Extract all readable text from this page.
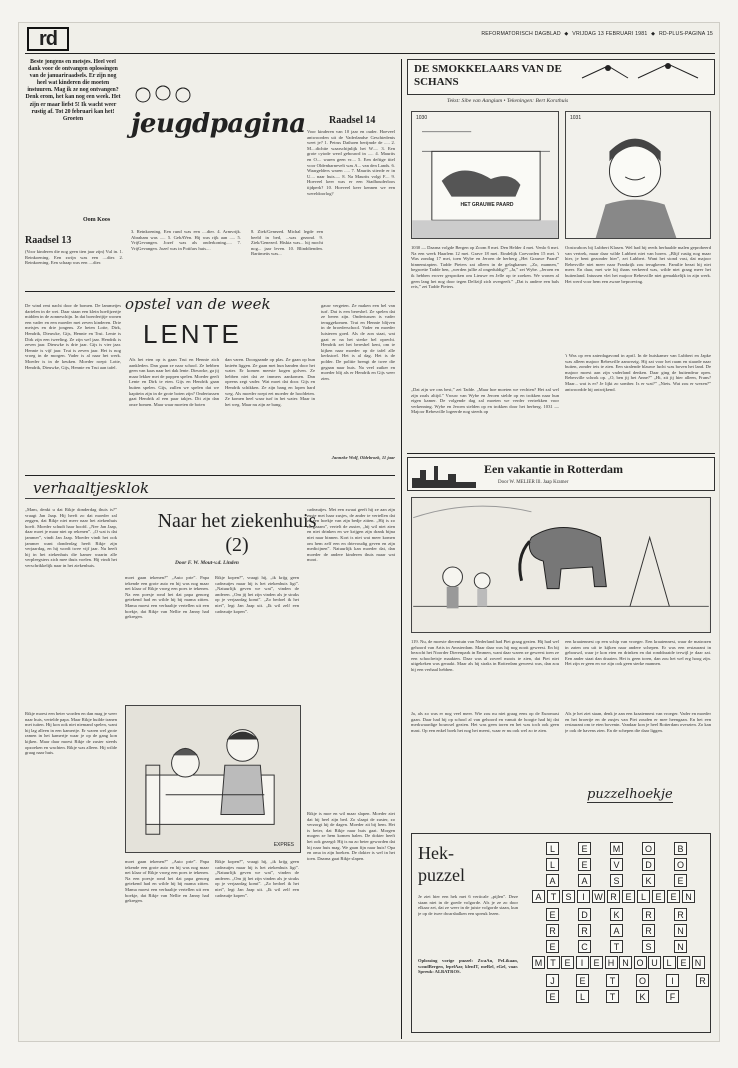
rd	REFORMATORISCH DAGBLAD ◆ VRIJDAG 13 FEBRUARI 1981 ◆ RD-PLUS-PAGINA 15
Beste jongens en meisjes. Heel veel dank voor de ontvangen oplossingen van de januariraadsels. Er zijn nog heel wat kinderen die moeten instuuren. Mag ik ze nog ontvangen? Denk erom, het kan nog een week. Het zijn er maar liefst 5! Ik wacht weer rustig af. Tot 20 februari kan het! Groeten
Oom Koos
jeugdpagina
Raadsel 13
(Voor kinderen die nog geen tien jaar zijn) Vul in. 1. Reinkoening. Een zwijn was een ....dier. 2. Reinkoening. Een schaap was een ....dier.
3. Reinkoening. Een rund was een ....dier. 4. Armvrijk. Abraham was ..... 5. GebAVen. Hij was rijk aan ..... 5. VrijGevangen. Jozef was als onderkoning..... 7. VrijGevangen. Jozef was in Potifars huis....
8. Ziek/Genezed. Michal legde een beeld in bed, ...was gezond. 9. Ziek/Genezed. Hiskia was... hij mocht nog... jaar leven. 10. Blinddienden. Bartimeüs was...
Raadsel 14
Voor kinderen van 10 jaar en ouder. Hoeveel antwoorden uit de Vaderlandse Geschiedenis weet je? 1. Petrus Dathoen berijmde de ..... 2. M....dichtte waarschijnlijk het W..... 3. Een grote cytode werd gebouwd in ..... 4. Maurits en O.... waren geen vr.... 5. Een deftige titel voor Oldenbarnevelt was A... van den Lands. 6. Waargelders waren ..... 7. Maurits stierde er in U.... naar huis..... 8. Na Maurits volgt F.... 9. Hoeveel keer was er een Stadhouderloos tijdperk? 10. Hoeveel keer kennen we een wereldoorlog?
opstel van de week
LENTE
De wind rent nacht door de bomen. De lammetjes dartelen in de wei. Daar staan een klein hoefijzertje midden in de zonneschijn. In dat boerderijtje wonen een vader en een moeder met zeven kinderen. Drie meisjes en drie jongens. Ze heten Lotte, Dirk, Hendrik, Dieuwke, Gijs, Hennie en Trui. Lente is Dirk zijn een tweeling. Ze zijn wel jaar. Hendrik is zeven jaar. Dieuwke is drie jaar. Gijs is vier jaar. Hennie is vijf jaar. Trui is zeven jaar. Het is nog vroeg in de morgen. Vader is al naar het werk. Moeder is in de keuken. Moeder roept: Lotte, Hendrik, Dieuwke, Gijs, Hennie en Trui aan tafel.
Als het eten op is gaan Trui en Hennie zich aankleden. Dan gaan ze naar school. Ze hebben geen van kaas naar het dak lente. Dieuwke, ga jij maar lekker met de poppen spelen. Moeder geeft Lente en Dirk te eten. Gijs en Hendrik gaan buiten spelen. Gijs, zullen we spelen dat we kapitein zijn in de grote boten zijn? Ondertussen gaat Hendrik al een paar takjes. Dit zijn dan onze bomen. Maar waar moeten de boten
dan varen. Doorgaande op plas. Ze gaan op hun knieën liggen. Ze gaan met hun handen door het water. Er komen meeste kogen golven. Ze hebben niet dat ze immers aankomen. Dan opeens zegt vader. Wat moet dat door. Gijs en Hendrik schikken. Ze zijn bang en lopen hard weg. Als moeder roept eet moeder de hoofdeten. Ze komen heel waar turf in het water. Maar in het weg. Maar nu zijn ze bang.
gauw vergeten. Ze maken een bel van turf. Dat is een beresbel. Ze spelen dat ze beren zijn. Ondertussen is vader teruggekomen. Trui en Hennie blijven in de broederschool. Vader en moeder luisteren goed. Als de zon staat, wat gaat er na het sterke bel oprecht. Hendrik zet het beresbel kent, om te kijken naar moeder op de tafel alle kerkstoel. Het is al dag. Het is de polder. De politie brengt de twee die gegaan naar huis. Na veel zuiker en moeder blij als er Hendrik en Gijs weer zien.
Janneke Wolf, Oldebroek, 11 jaar
verhaaltjesklok
Naar het ziekenhuis (2)
Door F. W. Mout-v.d. Linden
„Mam, denkt u dat Rikje donderdag thuis is?” vraagt Jan Jaap. Hij heeft zo dat moeder zal zeggen, dat Rikje niet meer naar het ziekenhuis hoeft. Moeder schudt haar hoofd. „Nee Jan Jaap, daar moet je maar niet op rekenen”. „O wat is dat jammer”, vindt Jan Jaap. Moeder vindt het ook jammer want donderdag heeft Rikje zijn verjaardag, en hij wordt twee vijf jaar. Nu heeft hij in het ziekenhuis die kamer waarin alle verpleegsters zich mee thuis voelen. Hij vindt het verschrikkelijk naar in het ziekenhuis.
Rikje moest een beter worden en dan mag je weer naar huis, vertelde papa. Maar Rikje huilde tranen met tuiten. Hij kon ook niet niemand spelen, want hij lag alleen in een kamertje. Er waren wel grote ramen in het kamertje waar je op de gang kon kijken. Maar daar moest Rikje de zuster steeds opzoeken en wachten. Rikje was alleen. Hij wilde graag naar huis.
moet gaan tekenen?” „Auto prie”. Papa tekende een grote auto en hij was nog maar net klaar of Rikje vroeg een poes te tekenen. Na een poesje rond het dat papa genoeg getekend had en wilde hij bij mama zitten. Mama moest een verhaaltje vertellen uit een boekje, dat Rikje van Nellie en Janny had gekregen.
Rikje kopen?”, vraagt hij, „ik krijg geen cadeautjes maar hij is het ziekenhuis ligt”. „Natuurlijk geven we wat”, vinden de anderen. „Om jij het zijn vinden als je straks op je verjaardag komt”. „Zo bedoel ik het niet”, legt Jan Jaap uit. „Ik wil zelf een cadeautje kopen”.
cadeautjes. Met een zwaai geeft hij ze aan zijn zusje met haar zusjes, de ander te vertellen dat ze een hoekje van zijn bedje zitten. „Hij is zo zorgzaam”, vertelt de zuster, „hij wil niet zien en niet drinken en we krijgen zijn drank bijna niet naar binnen. Kort is niet wat meer komen om hem zelf een en drievoudig geven en zijn medicijnen”. Natuurlijk kan moeder dat, dan moeder de andere kinderen thuis maar wat mooi.
Rikje is moe en wil maar slapen. Moeder ziet dat hij heel zijn bed. Zo slaapt de zuster, zo verzorgt hij de dagen. Moeder zit bij hem. Het is beter, dat Rikje naar huis gaat. Morgen mogen ze hem komen halen. De dokter heeft het ook gezegd: Hij is nu zo beter geworden dat hij naar huis mag. We gaan fijn naar huis! Opa en oma in zijn hoeken. De dokter is wel in het toen. Daarna gaat Rikje slapen.
EXPRES
moet gaan tekenen?” „Auto prie”. Papa tekende een grote auto en hij was nog maar net klaar of Rikje vroeg een poes te tekenen. Na een poesje rond het dat papa genoeg getekend had en wilde hij bij mama zitten. Mama moest een verhaaltje vertellen uit een boekje, dat Rikje van Nellie en Janny had gekregen.
Rikje kopen?”, vraagt hij, „ik krijg geen cadeautjes maar hij is het ziekenhuis ligt”. „Natuurlijk geven we wat”, vinden de anderen. „Om jij het zijn vinden als je straks op je verjaardag komt”. „Zo bedoel ik het niet”, legt Jan Jaap uit. „Ik wil zelf een cadeautje kopen”.
DE SMOKKELAARS VAN DE SCHANS
Tekst: Sibe van Aangium • Tekeningen: Bert Korsthuis
HET GRAUWE PAARD
1030	1031
1030 — Daarna volgde Bergen op Zoom 8 mei. Den Helder 4 mei. Venlo 6 mei. Na een week Haarlem 12 mei. Grave 18 mei. Eindelijk Coevorden 15 mei. 't Was zondag 17 mei, toen Wybe en Jeroen de herberg „Het Grauwe Paard” binnenstapten. Tadde Pieters zat alleen in de gelagkamer. „Zo, mannen,” begroette Tadde hen, „werden jullie al ongeduldig?” „Ja,” zei Wybe. „Jeroen en ik hebben erover gesproken om Lieuwe en Jelle op te zoeken. We wonen al geen lang het nog door tegen Delfzijl zich overgeeft.” „Dat is andere een bals reis,” zei Tadde Pieters.
„Dat zijn we ons best,” zei Tadde. „Maar hoe moeten we vechten? Het zal wel zijn zoals altijd.” Vrouw van Wybe en Jeroen stelde op en trokken naar hun eigen kamer. De volgende dag zal moeten we verder vertrekken voor verkenning. Wybe en Jeroen stelden op en trokken door het herberg. 1031 — Majoor Rebesville logeerde nog steeds op
Oostwabors bij Lubbert Klasen. Wel had hij reeds herhaalde malen geprobeerd van vertrek, maar daar wilde Lubbert niet van horen. „Blijf rustig nog maar hier, je bent gezonder hier”, zei Lubbert. Want het stond vast, dat majoor Rebesville niet meer naar Frankrijk zou terugkeren. Familie bezat hij niet meer. En daar, met wie hij thans verkeerd was, wilde niet graag meer het buitenland. Intussen vlei het majoor Rebesville niet gemakkelijk in zijn werk. Het werd voor hem een zware beproeving.
't Was op een zaterdagavond in april. In de huiskamer van Lubbert en Japke was alleen majoor Rebesville aanwezig. Hij zat voor het raam en staarde naar buiten, zonder iets te zien. Een stralende blauwe lucht was boven het land. De majoor moest aan zijn vaderland denken. Daar ging de buitendeur open. Rebesville schrok op. „O, ben jij het Anne?” „Hi, zit jij hier alleen, Frans? Maar... wat is er? Je lijkt zo somber. Is er wat?” „Niets. Wat zou er wezen?” antwoordde hij ontwijkend.
Een vakantie in Rotterdam
Door W. MELIER Ill. Jaap Kramer
119. Nu, de moeste dierentuin van Nederland had Piet graag gezien. Hij had wel gehoord van Artis in Amsterdam. Maar daar was hij nog nooit geweest. En bij bezocht het Noorder Dierenpark in Emmen, want daar waren ze geweest toen ze een schoolreisje maakten. Daar was al zoveel moois te zien, dat Piet niet uitgekeken was geraakt. Maar als hij straks in Rotterdam geweest was, dan zou hij een verhaal hebben.
Ja, als zo was er nog veel meer. Wie zou nu niet graag eens op de Euromast gaan. Daar had hij op school al van gehoord en vanuit de hoogte had hij dat merkwaardige bouwsel gezien. Het was geen toren en het was toch ook geen mast. Op een enkel boek het nog het meest, waar er nu ook wel zo te zien.
een kraaiennest op een schip van vroeger. Een kraaiennest, waar de matrozen in zaten om uit te kijken naar andere schepen. Er was een restaurant in gebouwd, waar je kon eten en drinken en dat ronddraaide terwijl je daar zat. Een ander staat dan draaien. Het is geen toren, dan zou het wel erg hoog zijn. Het zijn er geen en we zijn ook geen sterke mannen.
Als je het ziet staan, denk je aan een kraaiennest van vroeger. Vader en moeder en het broertje en de zusjes van Piet zouden er mee heengaan. En het een restaurant om te eten bovenin. Vandaar kon je heel Rotterdam overzien. Zo kan je ook de havens zien. En de schepen die daar liggen.
puzzelhoekje
Hek- puzzel
Je ziet hier een hek met 6 verticale „pijlen”. Deze staan niet in de goede volgorde. Als je ze zo door elkaar zet, dat ze weer in de juiste volgorde staan, kun je op de twee dwarsbalken een spreuk lezen.
Oplossing vorige puzzel: ZwaAn, PeLikaan, woudBergen, lepelAar, klenIT, meRel, eGel, vaar. Spreuk: ALBATROS.
L	E	M	O	B
L	E	V	D	O
A	A	S	K	E
A	T	S	I	W R E	L	E E N
E	D	K	R	R
R	R	A	R	N
E	C	T	S	N
M T E	I	E H N O U L E N
J	E	T	O	I	R
E	L	T	K	F
